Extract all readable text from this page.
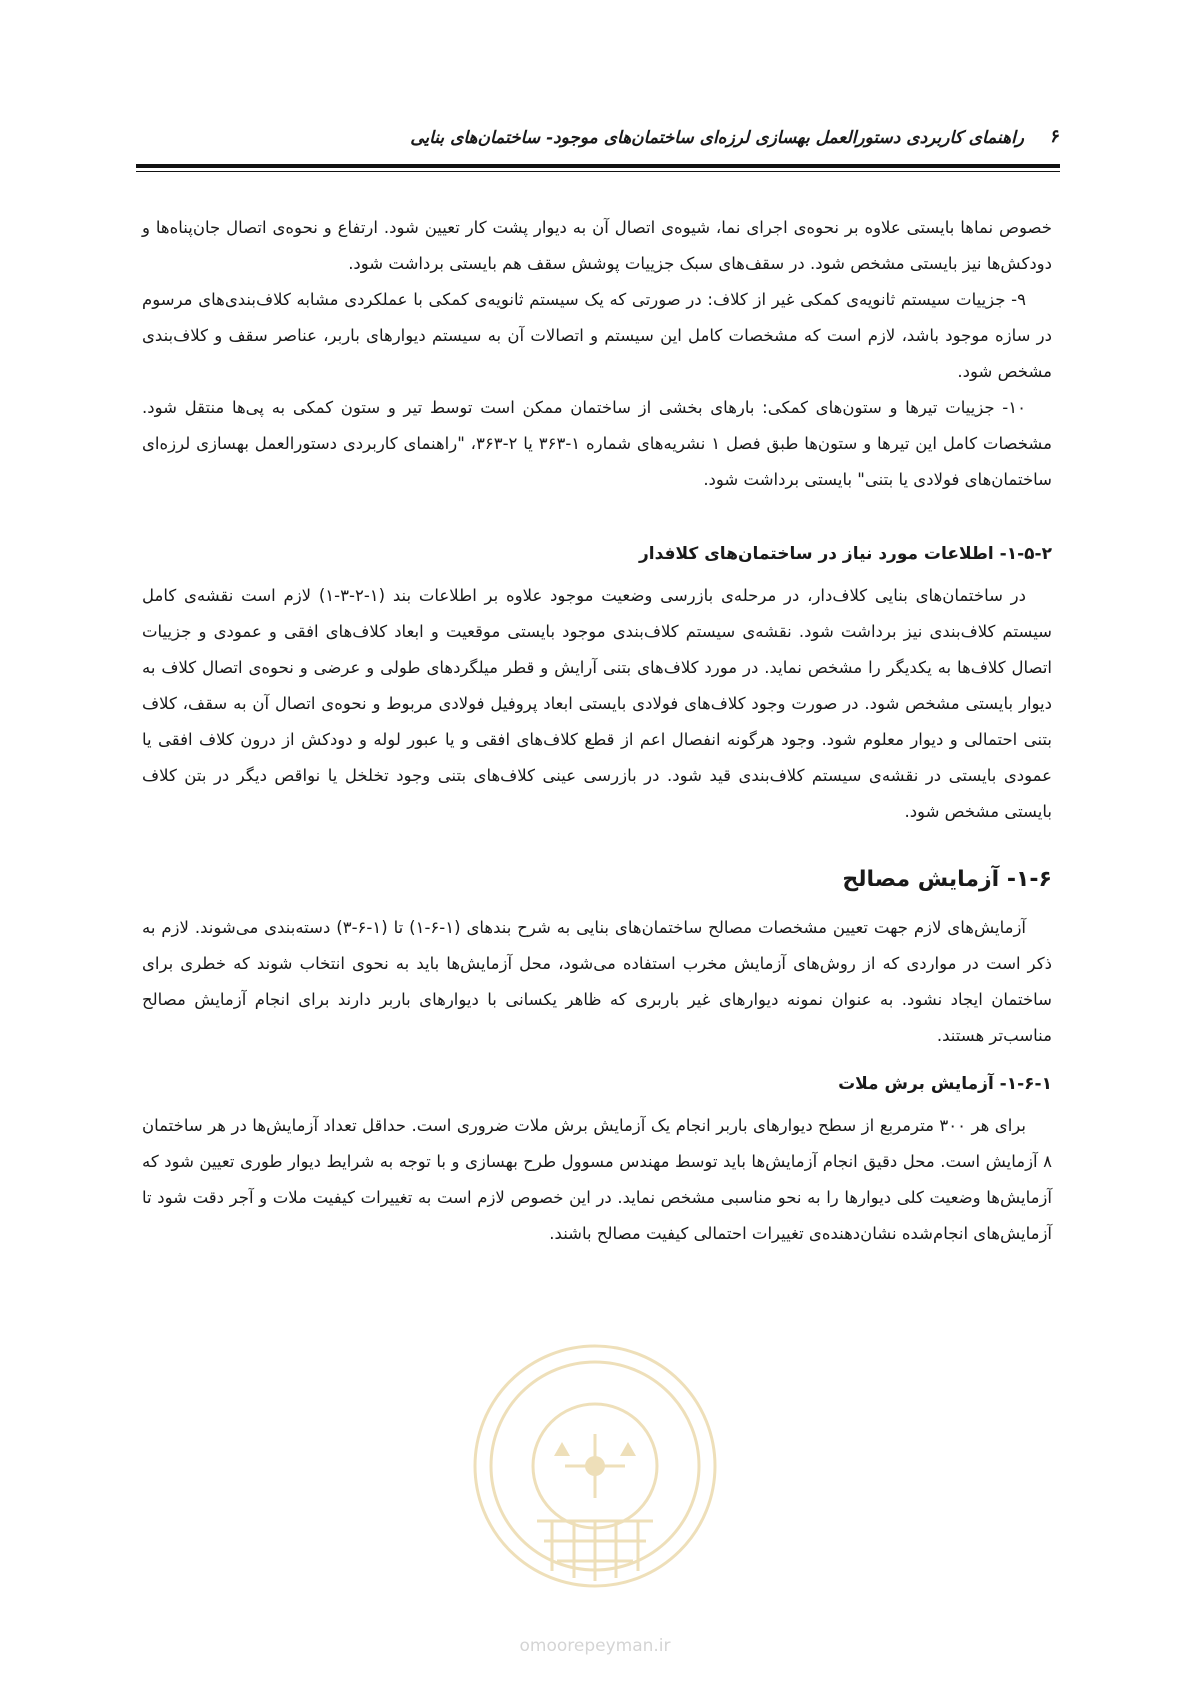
۶
راهنمای کاربردی دستورالعمل بهسازی لرزه‌ای ساختمان‌های موجود- ساختمان‌های بنایی

خصوص نماها بایستی علاوه بر نحوه‌ی اجرای نما، شیوه‌ی اتصال آن به دیوار پشت کار تعیین شود. ارتفاع و نحوه‌ی اتصال جان‌پناه‌ها و دودکش‌ها نیز بایستی مشخص شود. در سقف‌های سبک جزییات پوشش سقف هم بایستی برداشت شود.

۹- جزییات سیستم ثانویه‌ی کمکی غیر از کلاف: در صورتی که یک سیستم ثانویه‌ی کمکی با عملکردی مشابه کلاف‌بندی‌های مرسوم در سازه موجود باشد، لازم است که مشخصات کامل این سیستم و اتصالات آن به سیستم دیوارهای باربر، عناصر سقف و کلاف‌بندی مشخص شود.

۱۰- جزییات تیرها و ستون‌های کمکی: بارهای بخشی از ساختمان ممکن است توسط تیر و ستون کمکی به پی‌ها منتقل شود. مشخصات کامل این تیرها و ستون‌ها طبق فصل ۱ نشریه‌های شماره ۱-۳۶۳ یا ۲-۳۶۳، "راهنمای کاربردی دستورالعمل بهسازی لرزه‌ای ساختمان‌های فولادی یا بتنی" بایستی برداشت شود.

۱-۵-۲- اطلاعات مورد نیاز در ساختمان‌های کلافدار

در ساختمان‌های بنایی کلاف‌دار، در مرحله‌ی بازرسی وضعیت موجود علاوه بر اطلاعات بند (۱-۲-۳-۱) لازم است نقشه‌ی کامل سیستم کلاف‌بندی نیز برداشت شود. نقشه‌ی سیستم کلاف‌بندی موجود بایستی موقعیت و ابعاد کلاف‌های افقی و عمودی و جزییات اتصال کلاف‌ها به یکدیگر را مشخص نماید. در مورد کلاف‌های بتنی آرایش و قطر میلگردهای طولی و عرضی و نحوه‌ی اتصال کلاف به دیوار بایستی مشخص شود. در صورت وجود کلاف‌های فولادی بایستی ابعاد پروفیل فولادی مربوط و نحوه‌ی اتصال آن به سقف، کلاف بتنی احتمالی و دیوار معلوم شود. وجود هرگونه انفصال اعم از قطع کلاف‌های افقی و یا عبور لوله و دودکش از درون کلاف افقی یا عمودی بایستی در نقشه‌ی سیستم کلاف‌بندی قید شود. در بازرسی عینی کلاف‌های بتنی وجود تخلخل یا نواقص دیگر در بتن کلاف بایستی مشخص شود.

۱-۶- آزمایش مصالح

آزمایش‌های لازم جهت تعیین مشخصات مصالح ساختمان‌های بنایی به شرح بندهای (۱-۶-۱) تا (۱-۶-۳) دسته‌بندی می‌شوند. لازم به ذکر است در مواردی که از روش‌های آزمایش مخرب استفاده می‌شود، محل آزمایش‌ها باید به نحوی انتخاب شوند که خطری برای ساختمان ایجاد نشود. به عنوان نمونه دیوارهای غیر باربری که ظاهر یکسانی با دیوارهای باربر دارند برای انجام آزمایش مصالح مناسب‌تر هستند.

۱-۶-۱- آزمایش برش ملات

برای هر ۳۰۰ مترمربع از سطح دیوارهای باربر انجام یک آزمایش برش ملات ضروری است. حداقل تعداد آزمایش‌ها در هر ساختمان ۸ آزمایش است. محل دقیق انجام آزمایش‌ها باید توسط مهندس مسوول طرح بهسازی و با توجه به شرایط دیوار طوری تعیین شود که آزمایش‌ها وضعیت کلی دیوارها را به نحو مناسبی مشخص نماید. در این خصوص لازم است به تغییرات کیفیت ملات و آجر دقت شود تا آزمایش‌های انجام‌شده نشان‌دهنده‌ی تغییرات احتمالی کیفیت مصالح باشند.

omoorepeyman.ir
